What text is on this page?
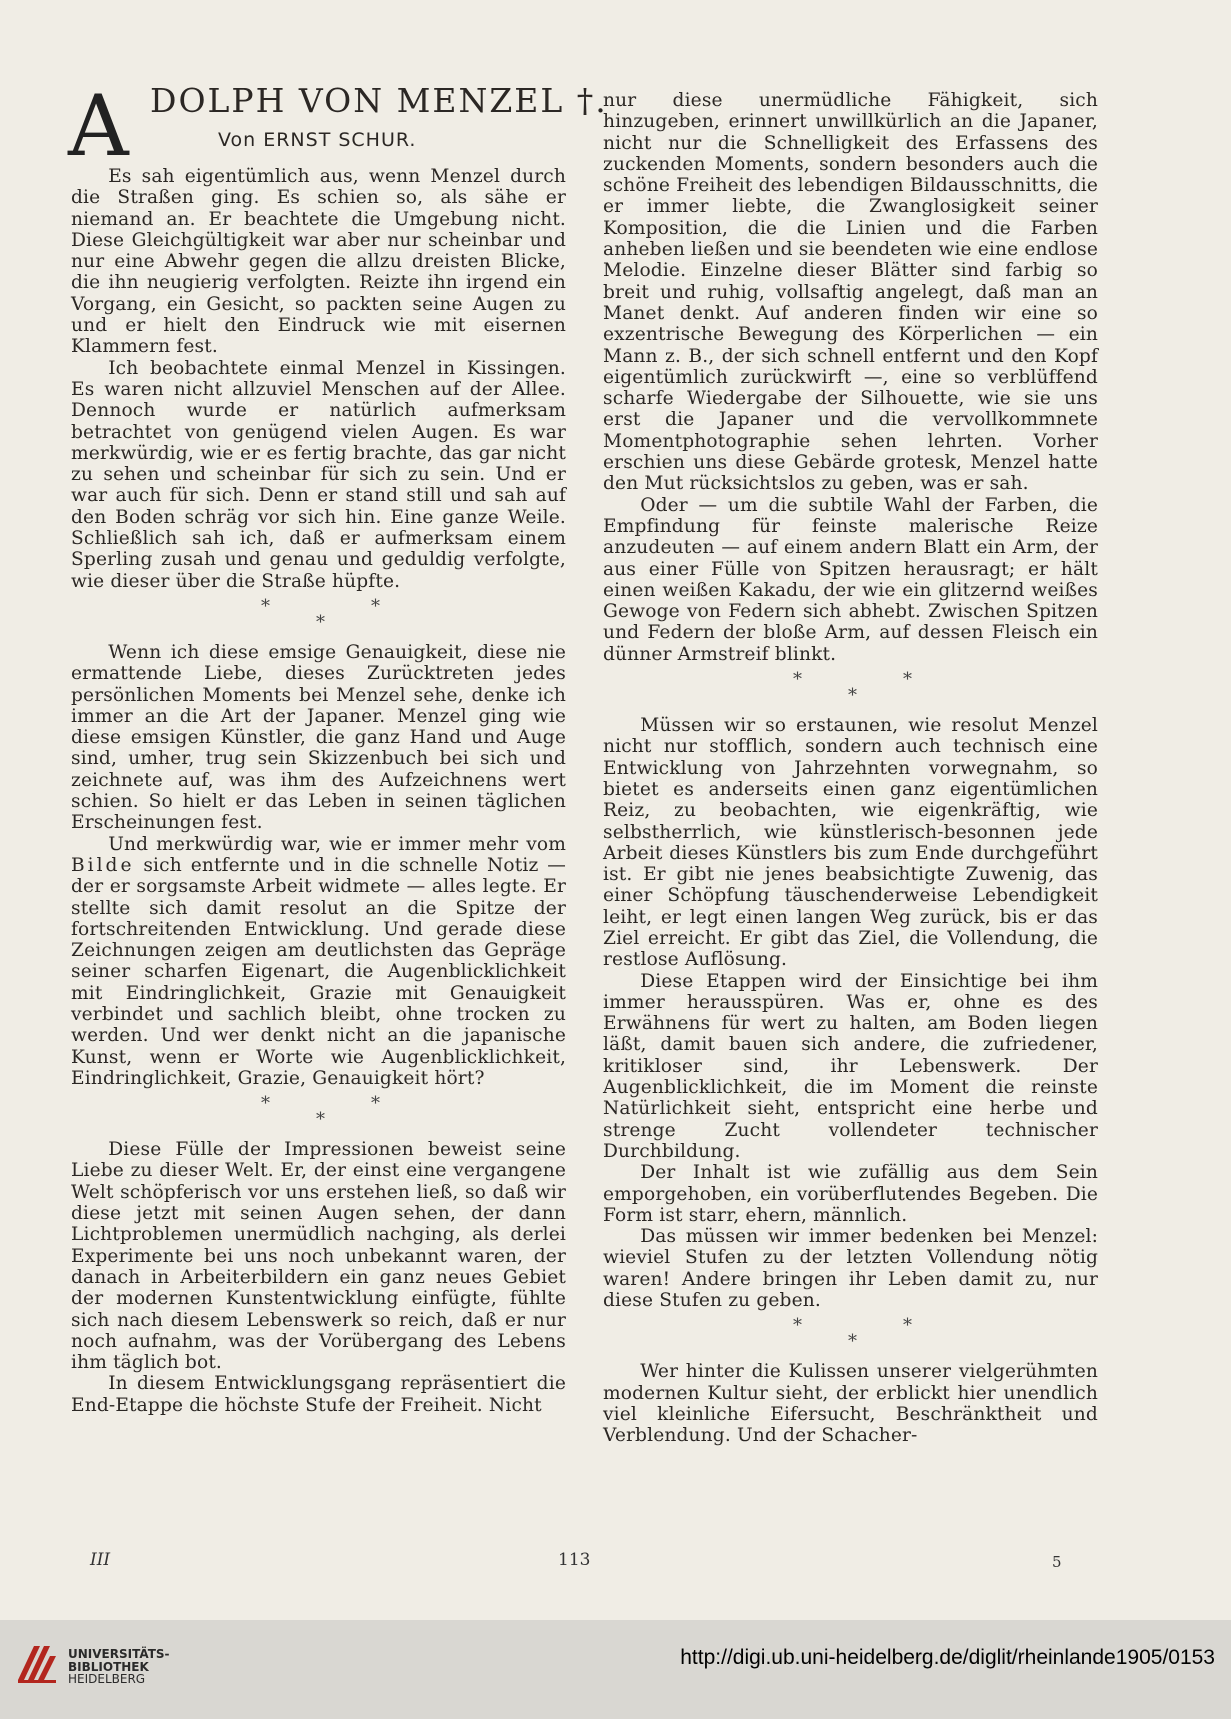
A DOLPH VON MENZEL †.
Von ERNST SCHUR.

Es sah eigentümlich aus, wenn Menzel durch die Straßen ging. Es schien so, als sähe er niemand an. Er beachtete die Umgebung nicht. Diese Gleichgültigkeit war aber nur scheinbar und nur eine Abwehr gegen die allzu dreisten Blicke, die ihn neugierig verfolgten. Reizte ihn irgend ein Vorgang, ein Gesicht, so packten seine Augen zu und er hielt den Eindruck wie mit eisernen Klammern fest.

Ich beobachtete einmal Menzel in Kissingen. Es waren nicht allzuviel Menschen auf der Allee. Dennoch wurde er natürlich aufmerksam betrachtet von genügend vielen Augen. Es war merkwürdig, wie er es fertig brachte, das gar nicht zu sehen und scheinbar für sich zu sein. Und er war auch für sich. Denn er stand still und sah auf den Boden schräg vor sich hin. Eine ganze Weile. Schließlich sah ich, daß er aufmerksam einem Sperling zusah und genau und geduldig verfolgte, wie dieser über die Straße hüpfte.

*	*
*

Wenn ich diese emsige Genauigkeit, diese nie ermattende Liebe, dieses Zurücktreten jedes persönlichen Moments bei Menzel sehe, denke ich immer an die Art der Japaner. Menzel ging wie diese emsigen Künstler, die ganz Hand und Auge sind, umher, trug sein Skizzenbuch bei sich und zeichnete auf, was ihm des Aufzeichnens wert schien. So hielt er das Leben in seinen täglichen Erscheinungen fest.

Und merkwürdig war, wie er immer mehr vom Bilde sich entfernte und in die schnelle Notiz — der er sorgsamste Arbeit widmete — alles legte. Er stellte sich damit resolut an die Spitze der fortschreitenden Entwicklung. Und gerade diese Zeichnungen zeigen am deutlichsten das Gepräge seiner scharfen Eigenart, die Augenblicklichkeit mit Eindringlichkeit, Grazie mit Genauigkeit verbindet und sachlich bleibt, ohne trocken zu werden. Und wer denkt nicht an die japanische Kunst, wenn er Worte wie Augenblicklichkeit, Eindringlichkeit, Grazie, Genauigkeit hört?

*	*
*

Diese Fülle der Impressionen beweist seine Liebe zu dieser Welt. Er, der einst eine vergangene Welt schöpferisch vor uns erstehen ließ, so daß wir diese jetzt mit seinen Augen sehen, der dann Lichtproblemen unermüdlich nachging, als derlei Experimente bei uns noch unbekannt waren, der danach in Arbeiterbildern ein ganz neues Gebiet der modernen Kunstentwicklung einfügte, fühlte sich nach diesem Lebenswerk so reich, daß er nur noch aufnahm, was der Vorübergang des Lebens ihm täglich bot.

In diesem Entwicklungsgang repräsentiert die End-Etappe die höchste Stufe der Freiheit. Nicht

nur diese unermüdliche Fähigkeit, sich hinzugeben, erinnert unwillkürlich an die Japaner, nicht nur die Schnelligkeit des Erfassens des zuckenden Moments, sondern besonders auch die schöne Freiheit des lebendigen Bildausschnitts, die er immer liebte, die Zwanglosigkeit seiner Komposition, die die Linien und die Farben anheben ließen und sie beendeten wie eine endlose Melodie. Einzelne dieser Blätter sind farbig so breit und ruhig, vollsaftig angelegt, daß man an Manet denkt. Auf anderen finden wir eine so exzentrische Bewegung des Körperlichen — ein Mann z. B., der sich schnell entfernt und den Kopf eigentümlich zurückwirft —, eine so verblüffend scharfe Wiedergabe der Silhouette, wie sie uns erst die Japaner und die vervollkommnete Momentphotographie sehen lehrten. Vorher erschien uns diese Gebärde grotesk, Menzel hatte den Mut rücksichtslos zu geben, was er sah.

Oder — um die subtile Wahl der Farben, die Empfindung für feinste malerische Reize anzudeuten — auf einem andern Blatt ein Arm, der aus einer Fülle von Spitzen herausragt; er hält einen weißen Kakadu, der wie ein glitzernd weißes Gewoge von Federn sich abhebt. Zwischen Spitzen und Federn der bloße Arm, auf dessen Fleisch ein dünner Armstreif blinkt.

*	*
*

Müssen wir so erstaunen, wie resolut Menzel nicht nur stofflich, sondern auch technisch eine Entwicklung von Jahrzehnten vorwegnahm, so bietet es anderseits einen ganz eigentümlichen Reiz, zu beobachten, wie eigenkräftig, wie selbstherrlich, wie künstlerisch-besonnen jede Arbeit dieses Künstlers bis zum Ende durchgeführt ist. Er gibt nie jenes beabsichtigte Zuwenig, das einer Schöpfung täuschenderweise Lebendigkeit leiht, er legt einen langen Weg zurück, bis er das Ziel erreicht. Er gibt das Ziel, die Vollendung, die restlose Auflösung.

Diese Etappen wird der Einsichtige bei ihm immer herausspüren. Was er, ohne es des Erwähnens für wert zu halten, am Boden liegen läßt, damit bauen sich andere, die zufriedener, kritikloser sind, ihr Lebenswerk. Der Augenblicklichkeit, die im Moment die reinste Natürlichkeit sieht, entspricht eine herbe und strenge Zucht vollendeter technischer Durchbildung.

Der Inhalt ist wie zufällig aus dem Sein emporgehoben, ein vorüberflutendes Begeben. Die Form ist starr, ehern, männlich.

Das müssen wir immer bedenken bei Menzel: wieviel Stufen zu der letzten Vollendung nötig waren! Andere bringen ihr Leben damit zu, nur diese Stufen zu geben.

*	*
*

Wer hinter die Kulissen unserer vielgerühmten modernen Kultur sieht, der erblickt hier unendlich viel kleinliche Eifersucht, Beschränktheit und Verblendung. Und der Schacher-

III	113	5
UNIVERSITÄTS-
BIBLIOTHEK
HEIDELBERG
http://digi.ub.uni-heidelberg.de/diglit/rheinlande1905/0153
